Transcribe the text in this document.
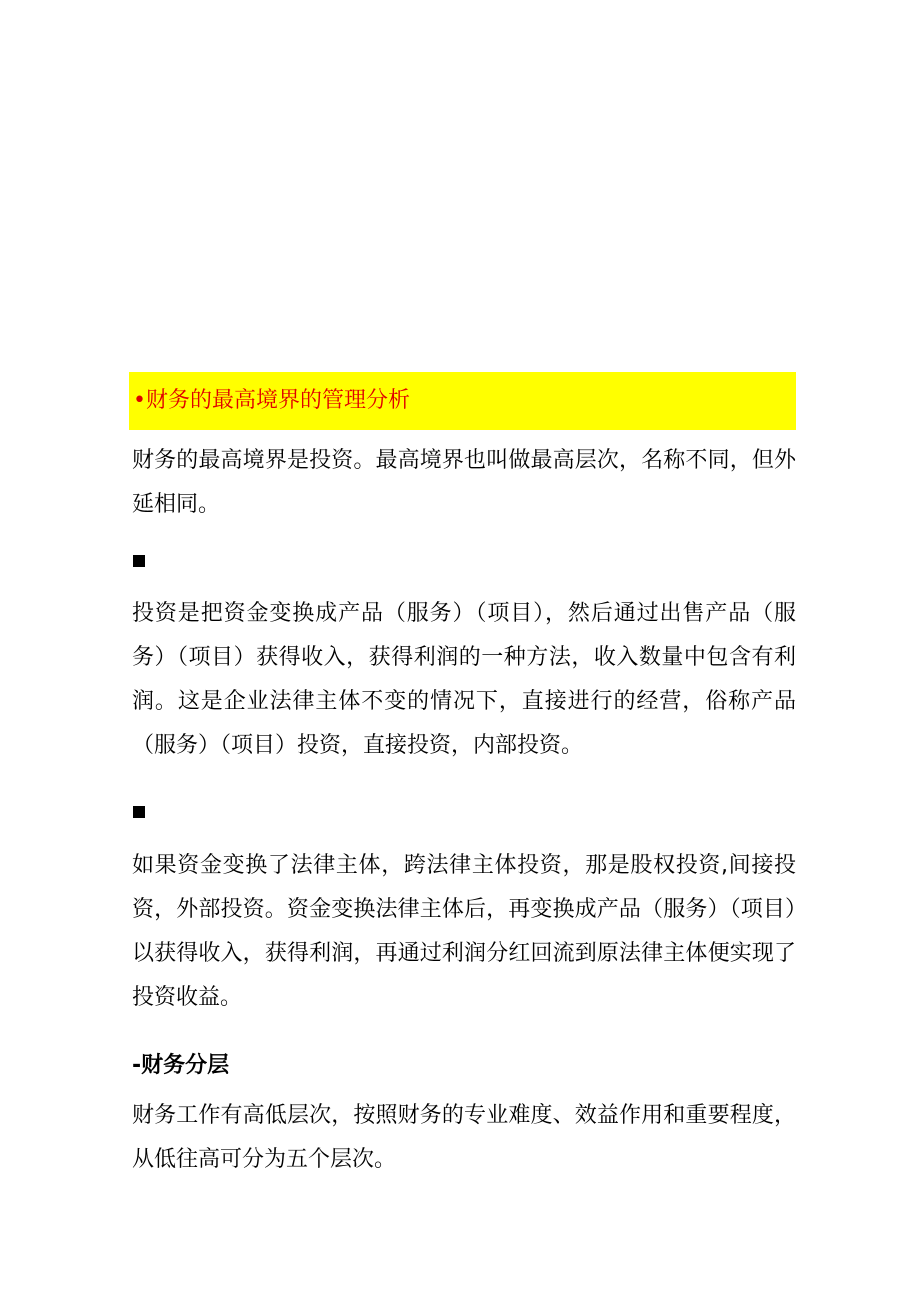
•财务的最高境界的管理分析

财务的最高境界是投资。最高境界也叫做最高层次，名称不同，但外延相同。

投资是把资金变换成产品（服务）（项目），然后通过出售产品（服务）（项目）获得收入，获得利润的一种方法，收入数量中包含有利润。这是企业法律主体不变的情况下，直接进行的经营，俗称产品（服务）（项目）投资，直接投资，内部投资。

如果资金变换了法律主体，跨法律主体投资，那是股权投资,间接投资，外部投资。资金变换法律主体后，再变换成产品（服务）（项目）以获得收入，获得利润，再通过利润分红回流到原法律主体便实现了投资收益。

-财务分层

财务工作有高低层次，按照财务的专业难度、效益作用和重要程度，从低往高可分为五个层次。
